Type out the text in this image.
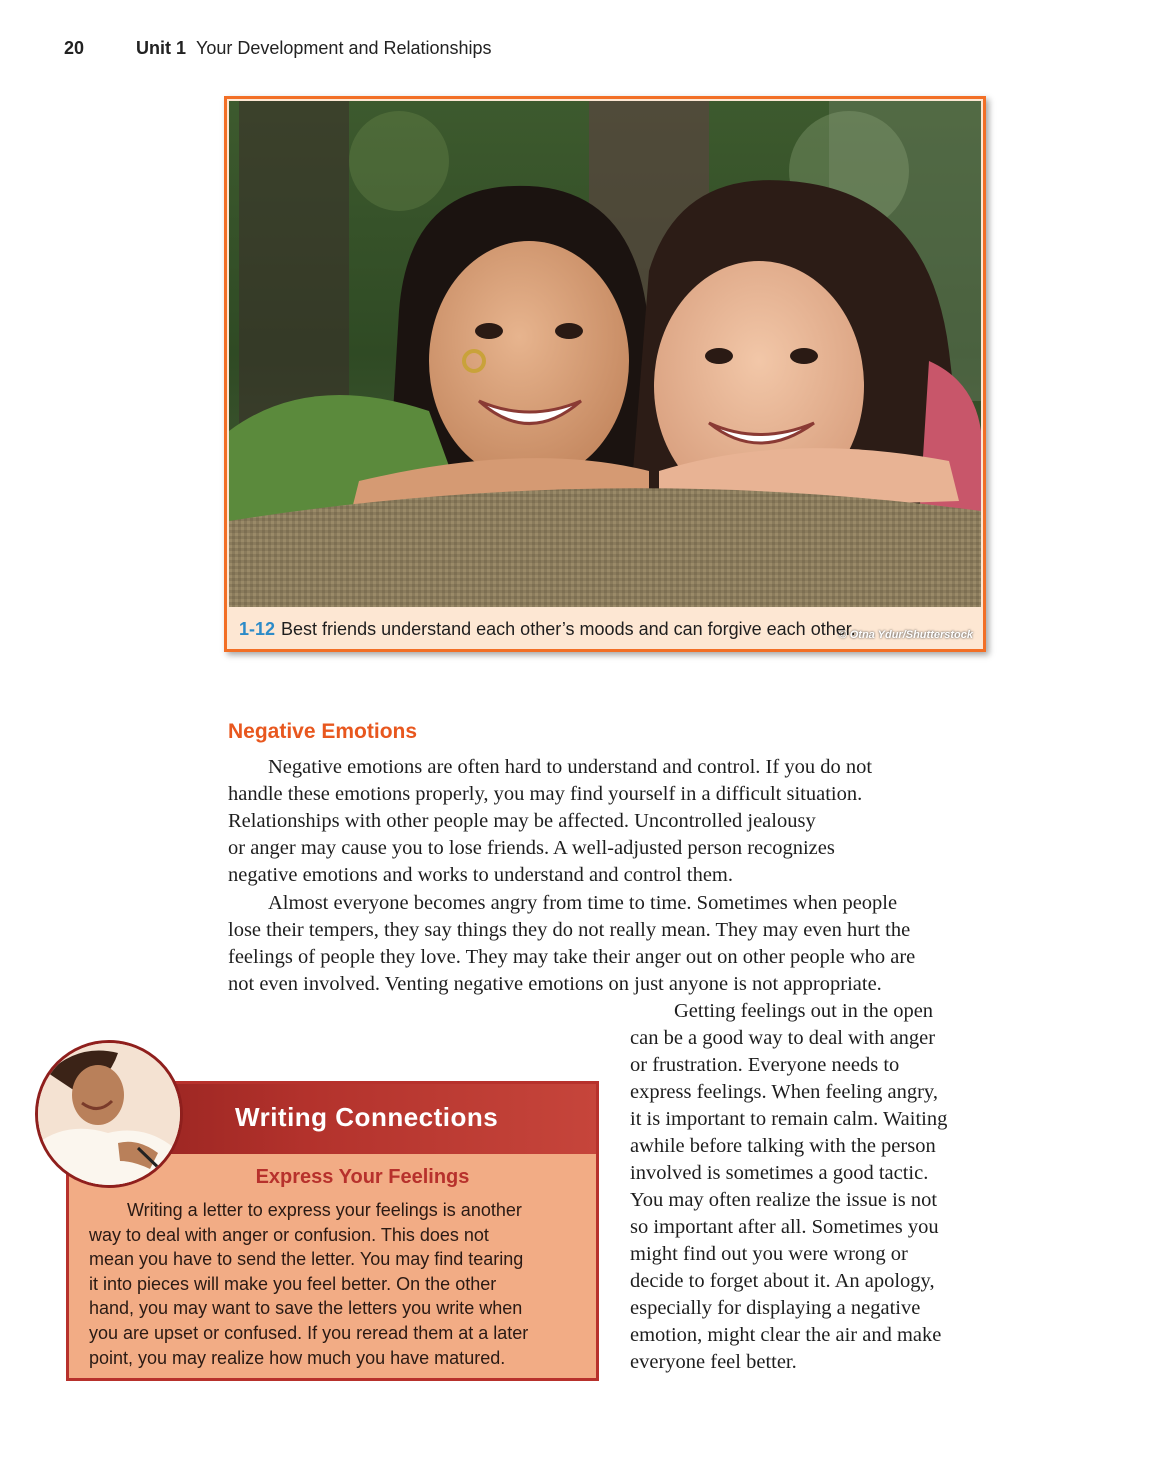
20	Unit 1 Your Development and Relationships
© Otna Ydur/Shutterstock
1-12 Best friends understand each other’s moods and can forgive each other.
Negative Emotions
Negative emotions are often hard to understand and control. If you do not
handle these emotions properly, you may find yourself in a difficult situation.
Relationships with other people may be affected. Uncontrolled jealousy
or anger may cause you to lose friends. A well-adjusted person recognizes
negative emotions and works to understand and control them.
Almost everyone becomes angry from time to time. Sometimes when people
lose their tempers, they say things they do not really mean. They may even hurt the
feelings of people they love. They may take their anger out on other people who are
not even involved. Venting negative emotions on just anyone is not appropriate.
Getting feelings out in the open
can be a good way to deal with anger
or frustration. Everyone needs to
express feelings. When feeling angry,
it is important to remain calm. Waiting
awhile before talking with the person
involved is sometimes a good tactic.
You may often realize the issue is not
so important after all. Sometimes you
might find out you were wrong or
decide to forget about it. An apology,
especially for displaying a negative
emotion, might clear the air and make
everyone feel better.
Writing Connections
Express Your Feelings
Writing a letter to express your feelings is another
way to deal with anger or confusion. This does not
mean you have to send the letter. You may find tearing
it into pieces will make you feel better. On the other
hand, you may want to save the letters you write when
you are upset or confused. If you reread them at a later
point, you may realize how much you have matured.
